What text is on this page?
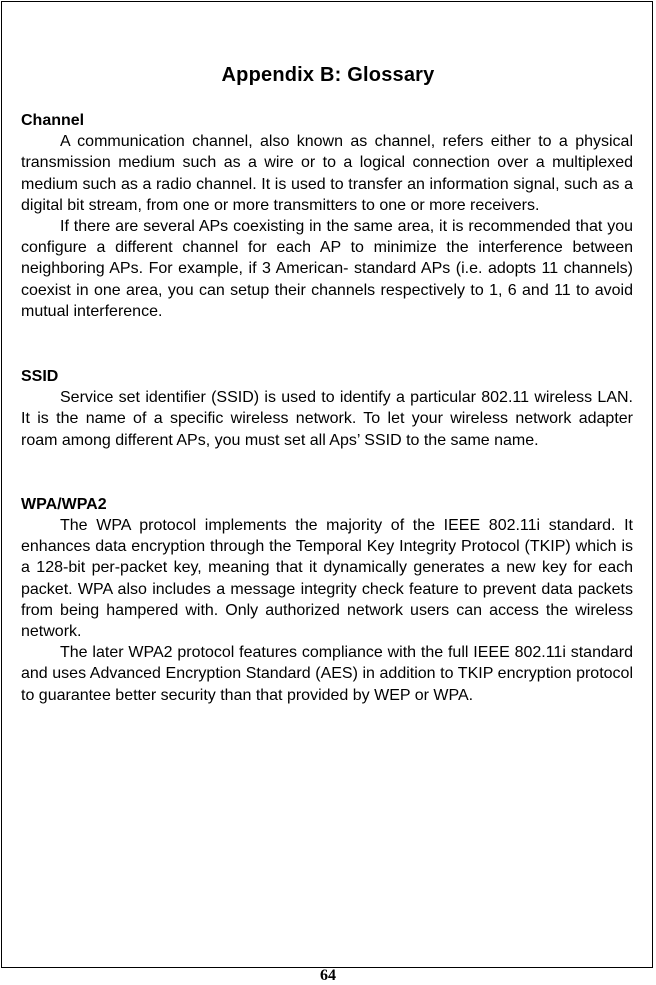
Appendix B: Glossary
Channel

A communication channel, also known as channel, refers either to a physical transmission medium such as a wire or to a logical connection over a multiplexed medium such as a radio channel. It is used to transfer an information signal, such as a digital bit stream, from one or more transmitters to one or more receivers.

If there are several APs coexisting in the same area, it is recommended that you configure a different channel for each AP to minimize the interference between neighboring APs. For example, if 3 American- standard APs (i.e. adopts 11 channels) coexist in one area, you can setup their channels respectively to 1, 6 and 11 to avoid mutual interference.

SSID

Service set identifier (SSID) is used to identify a particular 802.11 wireless LAN. It is the name of a specific wireless network. To let your wireless network adapter roam among different APs, you must set all Aps’ SSID to the same name.

WPA/WPA2

The WPA protocol implements the majority of the IEEE 802.11i standard. It enhances data encryption through the Temporal Key Integrity Protocol (TKIP) which is a 128-bit per-packet key, meaning that it dynamically generates a new key for each packet. WPA also includes a message integrity check feature to prevent data packets from being hampered with. Only authorized network users can access the wireless network.

The later WPA2 protocol features compliance with the full IEEE 802.11i standard and uses Advanced Encryption Standard (AES) in addition to TKIP encryption protocol to guarantee better security than that provided by WEP or WPA.

64
